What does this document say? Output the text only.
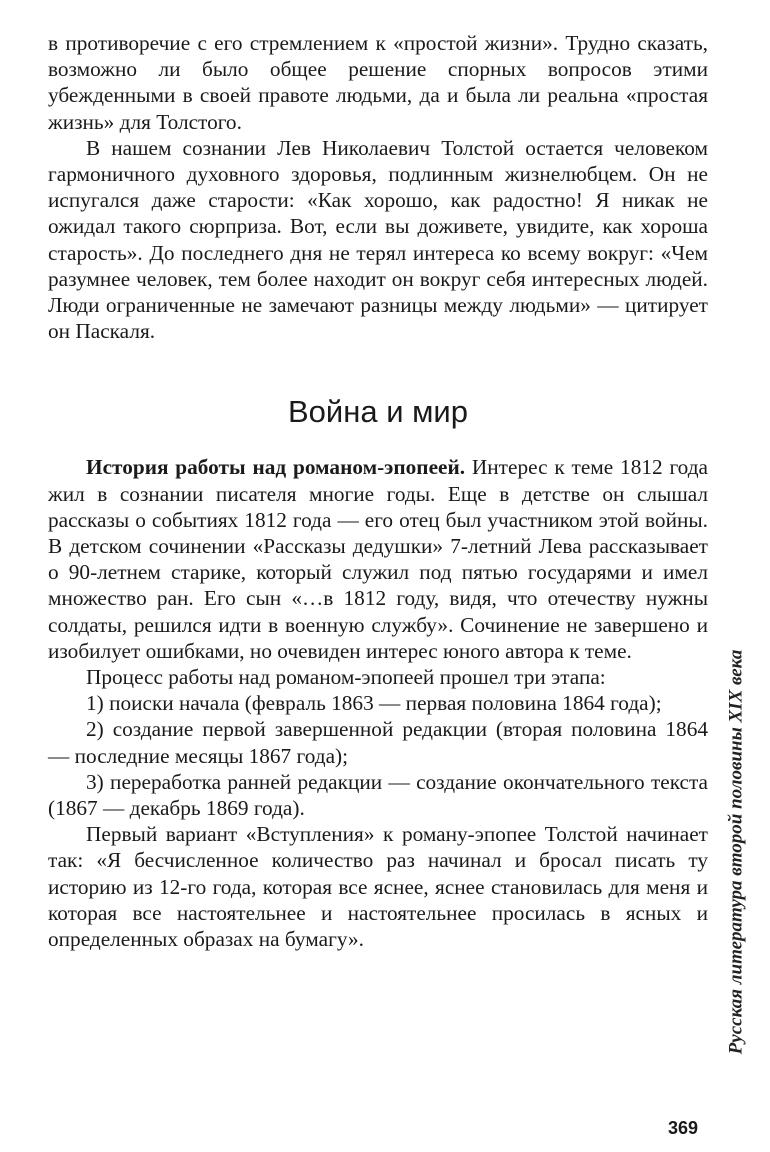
в противоречие с его стремлением к «простой жизни». Трудно сказать, возможно ли было общее решение спорных вопросов этими убежденными в своей правоте людьми, да и была ли реальна «простая жизнь» для Толстого.

В нашем сознании Лев Николаевич Толстой остается человеком гармоничного духовного здоровья, подлинным жизнелюбцем. Он не испугался даже старости: «Как хорошо, как радостно! Я никак не ожидал такого сюрприза. Вот, если вы доживете, увидите, как хороша старость». До последнего дня не терял интереса ко всему вокруг: «Чем разумнее человек, тем более находит он вокруг себя интересных людей. Люди ограниченные не замечают разницы между людьми» — цитирует он Паскаля.

Война и мир

История работы над романом-эпопеей. Интерес к теме 1812 года жил в сознании писателя многие годы. Еще в детстве он слышал рассказы о событиях 1812 года — его отец был участником этой войны. В детском сочинении «Рассказы дедушки» 7-летний Лева рассказывает о 90-летнем старике, который служил под пятью государями и имел множество ран. Его сын «…в 1812 году, видя, что отечеству нужны солдаты, решился идти в военную службу». Сочинение не завершено и изобилует ошибками, но очевиден интерес юного автора к теме.

Процесс работы над романом-эпопеей прошел три этапа:

1) поиски начала (февраль 1863 — первая половина 1864 года);

2) создание первой завершенной редакции (вторая половина 1864 — последние месяцы 1867 года);

3) переработка ранней редакции — создание окончательного текста (1867 — декабрь 1869 года).

Первый вариант «Вступления» к роману-эпопее Толстой начинает так: «Я бесчисленное количество раз начинал и бросал писать ту историю из 12-го года, которая все яснее, яснее становилась для меня и которая все настоятельнее и настоятельнее просилась в ясных и определенных образах на бумагу».	Русская литература второй половины XIX века
369
